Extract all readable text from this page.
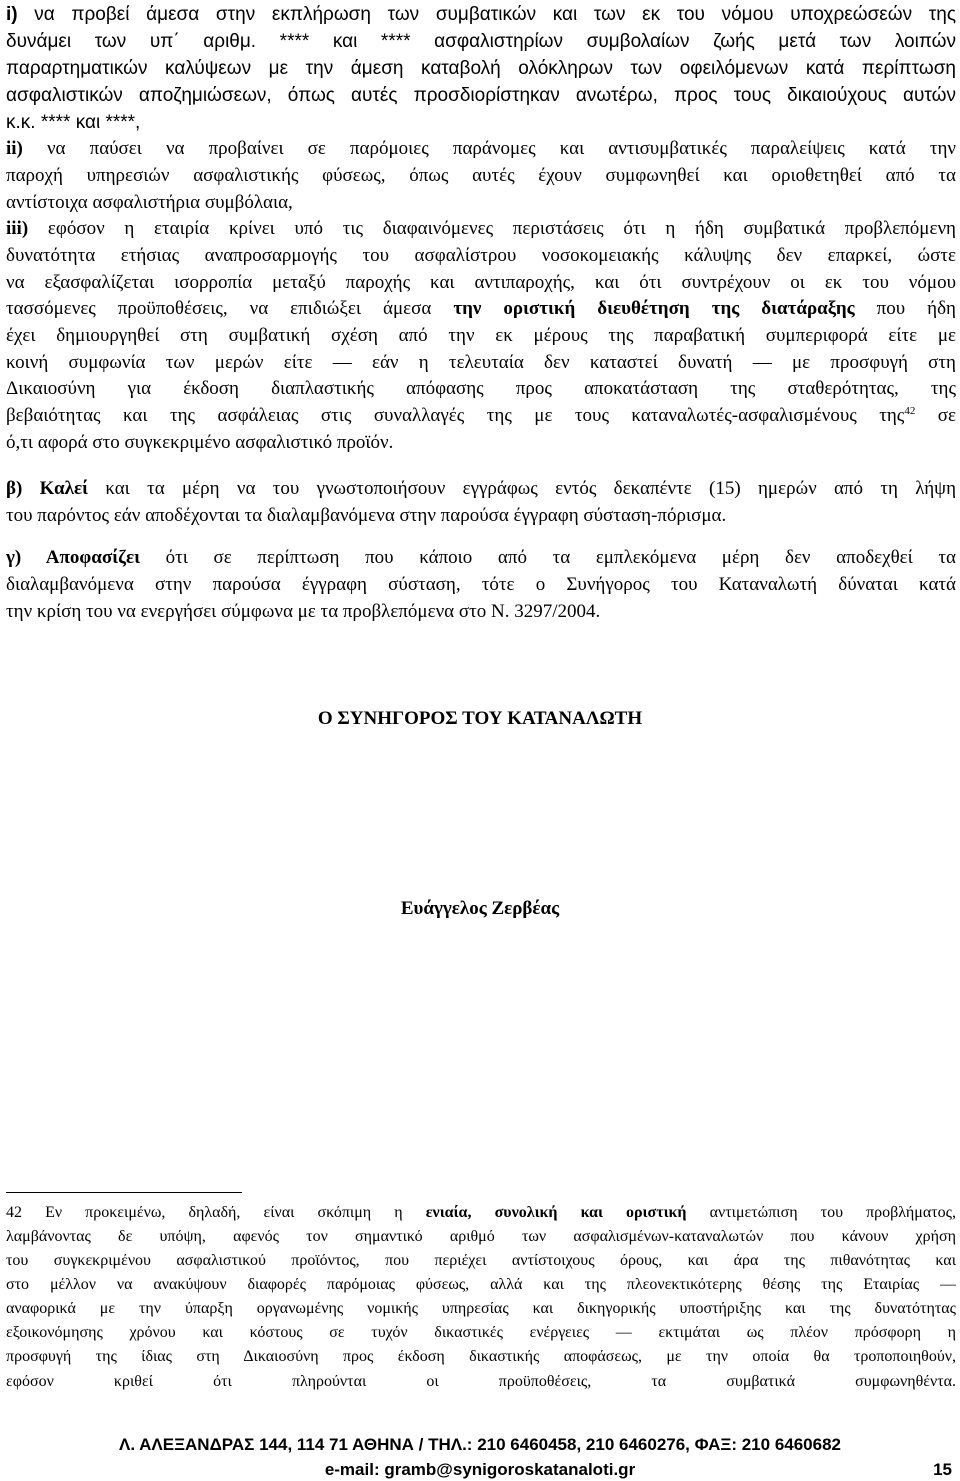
i) να προβεί άμεσα στην εκπλήρωση των συμβατικών και των εκ του νόμου υποχρεώσεών της
δυνάμει των υπ΄ αριθμ. **** και **** ασφαλιστηρίων συμβολαίων ζωής μετά των λοιπών
παραρτηματικών καλύψεων με την άμεση καταβολή ολόκληρων των οφειλόμενων κατά περίπτωση
ασφαλιστικών αποζημιώσεων, όπως αυτές προσδιορίστηκαν ανωτέρω, προς τους δικαιούχους αυτών
κ.κ. **** και ****,
ii) να παύσει να προβαίνει σε παρόμοιες παράνομες και αντισυμβατικές παραλείψεις κατά την
παροχή υπηρεσιών ασφαλιστικής φύσεως, όπως αυτές έχουν συμφωνηθεί και οριοθετηθεί από τα
αντίστοιχα ασφαλιστήρια συμβόλαια,
iii) εφόσον η εταιρία κρίνει υπό τις διαφαινόμενες περιστάσεις ότι η ήδη συμβατικά προβλεπόμενη
δυνατότητα ετήσιας αναπροσαρμογής του ασφαλίστρου νοσοκομειακής κάλυψης δεν επαρκεί, ώστε
να εξασφαλίζεται ισορροπία μεταξύ παροχής και αντιπαροχής, και ότι συντρέχουν οι εκ του νόμου
τασσόμενες προϋποθέσεις, να επιδιώξει άμεσα την οριστική διευθέτηση της διατάραξης που ήδη
έχει δημιουργηθεί στη συμβατική σχέση από την εκ μέρους της παραβατική συμπεριφορά είτε με
κοινή συμφωνία των μερών είτε — εάν η τελευταία δεν καταστεί δυνατή — με προσφυγή στη
Δικαιοσύνη για έκδοση διαπλαστικής απόφασης προς αποκατάσταση της σταθερότητας, της
βεβαιότητας και της ασφάλειας στις συναλλαγές της με τους καταναλωτές-ασφαλισμένους της$^{42}$ σε
ό,τι αφορά στο συγκεκριμένο ασφαλιστικό προϊόν.
β) Καλεί και τα μέρη να του γνωστοποιήσουν εγγράφως εντός δεκαπέντε (15) ημερών από τη λήψη
του παρόντος εάν αποδέχονται τα διαλαμβανόμενα στην παρούσα έγγραφη σύσταση-πόρισμα.
γ) Αποφασίζει ότι σε περίπτωση που κάποιο από τα εμπλεκόμενα μέρη δεν αποδεχθεί τα
διαλαμβανόμενα στην παρούσα έγγραφη σύσταση, τότε ο Συνήγορος του Καταναλωτή δύναται κατά
την κρίση του να ενεργήσει σύμφωνα με τα προβλεπόμενα στο Ν. 3297/2004.
Ο ΣΥΝΗΓΟΡΟΣ ΤΟΥ ΚΑΤΑΝΑΛΩΤΗ
Ευάγγελος Ζερβέας
42 Εν προκειμένω, δηλαδή, είναι σκόπιμη η ενιαία, συνολική και οριστική αντιμετώπιση του προβλήματος,
λαμβάνοντας δε υπόψη, αφενός τον σημαντικό αριθμό των ασφαλισμένων-καταναλωτών που κάνουν χρήση
του συγκεκριμένου ασφαλιστικού προϊόντος, που περιέχει αντίστοιχους όρους, και άρα της πιθανότητας και
στο μέλλον να ανακύψουν διαφορές παρόμοιας φύσεως, αλλά και της πλεονεκτικότερης θέσης της Εταιρίας —
αναφορικά με την ύπαρξη οργανωμένης νομικής υπηρεσίας και δικηγορικής υποστήριξης και της δυνατότητας
εξοικονόμησης χρόνου και κόστους σε τυχόν δικαστικές ενέργειες — εκτιμάται ως πλέον πρόσφορη η
προσφυγή της ίδιας στη Δικαιοσύνη προς έκδοση δικαστικής αποφάσεως, με την οποία θα τροποποιηθούν,
εφόσον κριθεί ότι πληρούνται οι προϋποθέσεις, τα συμβατικά συμφωνηθέντα.
Λ. ΑΛΕΞΑΝΔΡΑΣ 144, 114 71 ΑΘΗΝΑ / ΤΗΛ.: 210 6460458, 210 6460276, ΦΑΞ: 210 6460682
e-mail: gramb@synigoroskatanaloti.gr	15
